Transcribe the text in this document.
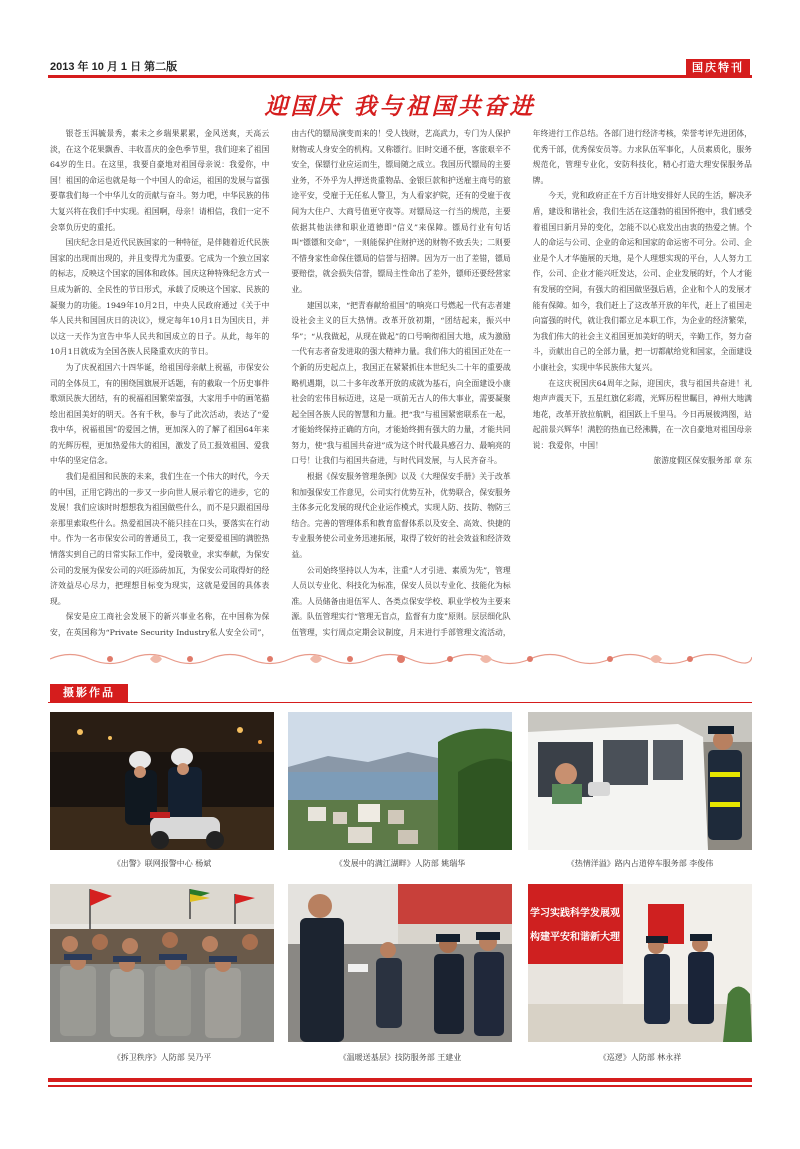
2013 年 10 月 1 日 第二版	国庆特刊
迎国庆 我与祖国共奋进

银苍玉洱毓景秀，素未之乡瑞果累累，金风送爽，天高云淡，在这个花果飘香、丰收喜庆的金色季节里，我们迎来了祖国64岁的生日。在这里，我要自豪地对祖国母亲说：我爱你，中国！祖国的命运也就是每一个中国人的命运，祖国的发展与富强要靠我们每一个中华儿女的贡献与奋斗。努力吧，中华民族的伟大复兴将在我们手中实现。祖国啊，母亲！请相信，我们一定不会辜负历史的重托。

国庆纪念日是近代民族国家的一种特征，是伴随着近代民族国家的出现而出现的，并且变得尤为重要。它成为一个独立国家的标志，反映这个国家的国体和政体。国庆这种特殊纪念方式一旦成为新的、全民性的节日形式，承载了反映这个国家、民族的凝聚力的功能。1949年10月2日，中央人民政府通过《关于中华人民共和国国庆日的决议》，规定每年10月1日为国庆日，并以这一天作为宣告中华人民共和国成立的日子。从此，每年的10月1日就成为全国各族人民隆重欢庆的节日。

为了庆祝祖国六十四华诞，给祖国母亲献上祝福，市保安公司的全体员工，有的围绕国旗展开话题，有的截取一个历史事件歌颂民族大团结，有的祝福祖国繁荣富强，大家用手中的画笔描绘出祖国美好的明天。各有千秋，参与了此次活动，表达了“爱我中华，祝福祖国”的爱国之情，更加深入的了解了祖国64年来的光辉历程，更加热爱伟大的祖国，激发了员工报效祖国、爱我中华的坚定信念。

我们是祖国和民族的未来，我们生在一个伟大的时代，今天的中国，正用它跨出的一步又一步向世人展示着它的进步，它的发展！我们应该时时想想我为祖国做些什么，而不是只跟祖国母亲那里索取些什么。热爱祖国决不能只挂在口头，要落实在行动中。作为一名市保安公司的普通员工，我一定要爱祖国的满腔热情落实到自己的日常实际工作中，爱岗敬业，求实奉献，为保安公司的发展为保安公司的兴旺添砖加瓦，为保安公司取得好的经济效益尽心尽力，把理想目标变为现实，这就是爱国的具体表现。

保安是应工商社会发展下的新兴事业名称，在中国称为保安，在英国称为“Private Security Industry私人安全公司”，由古代的镖局演变而来的！受人钱财，艺高武力，专门为人保护财物或人身安全的机构。又称镖行。旧时交通不便，客旅艰辛不安全，保镖行业应运而生，镖局随之成立。我国历代镖局的主要业务，不外乎为人押送贵重物品、金银巨款和护送雇主商号的旅途平安，受雇于无任私人警卫，为人看家护院，还有的受雇于夜间为大住户、大商号值更守夜等。对镖局这一行当的规范，主要依据其他法律和职业道德即“信义”来保障。镖局行业有句话叫“镖镖和交命”，一则能保护住财护送的财物不致丢失；二则要不惜身家性命保住镖局的信誉与招牌。因为万一出了差错，镖局要赔偿，就会损失信誉，镖局主性命出了差外，镖师还要经营家业。

建国以来，“把青春献给祖国”的响亮口号燃起一代有志者建设社会主义的巨大热情。改革开放初期，“团结起来，振兴中华”；“从我做起，从现在做起”的口号响彻祖国大地，成为激励一代有志者奋发进取的强大精神力量。我们伟大的祖国正处在一个新的历史起点上，我国正在紧紧抓住本世纪头二十年的重要战略机遇期，以二十多年改革开放的成就为基石，向全面建设小康社会的宏伟目标迈进，这是一项前无古人的伟大事业，需要凝聚起全国各族人民的智慧和力量。把“我”与祖国紧密联系在一起，才能始终保持正确的方向，才能始终拥有强大的力量，才能共同努力，使“我与祖国共奋进”成为这个时代最具感召力、最响亮的口号！让我们与祖国共奋进，与时代同发展，与人民齐奋斗。

根据《保安服务管理条例》以及《大理保安手册》关于改革和加强保安工作意见，公司实行优势互补，优势联合，保安服务主体多元化发展的现代企业运作模式，实现人防、技防、物防三结合。完善的管理体系和教育监督体系以及安全、高效、快捷的专业服务使公司业务迅速拓展，取得了较好的社会效益和经济效益。

公司始终坚持以人为本，注重“人才引进、素质为先”，管理人员以专业化、科技化为标准，保安人员以专业化、技能化为标准。人员储备由退伍军人、各类点保安学校、职业学校为主要来源。队伍管理实行“管理无盲点，监督有力度”原则。层层细化队伍管理，实行周点定期会议制度，月末进行手部管理文流活动，年终进行工作总结。各部门进行经济考核，荣誉考评先进团体，优秀干部，优秀保安员等。力求队伍军事化，人员素质化，服务规范化，管理专业化，安防科技化，精心打造大理安保服务品牌。

今天，党和政府正在千方百计地安排好人民的生活，解决矛盾，建设和谐社会，我们生活在这蓬勃的祖国怀抱中，我们感受着祖国日新月异的变化，怎能不以心底发出由衷的热爱之情。个人的命运与公司、企业的命运和国家的命运密不可分。公司、企业是个人才华施展的天地，是个人理想实现的平台，人人努力工作，公司、企业才能兴旺发达，公司、企业发展的好，个人才能有发展的空间，有强大的祖国做坚强后盾，企业和个人的发展才能有保障。如今，我们赶上了这改革开放的年代，赶上了祖国走向富强的时代，就让我们都立足本职工作，为企业的经济繁荣，为我们伟大的社会主义祖国更加美好的明天，辛勤工作，努力奋斗，贡献出自己的全部力量，把一切都献给党和国家，全面建设小康社会，实现中华民族伟大复兴。

在这庆祝国庆64周年之际，迎国庆，我与祖国共奋进！礼炮声声震天下，五星红旗亿彩霞，光辉历程世瞩目，神州大地满地花，改革开放拉航帆，祖国跃上千里马。今日再展彼鸿图，站起前景兴辉华！满腔的热血已经沸腾，在一次自豪地对祖国母亲说：我爱你，中国！

旅游度假区保安服务部 章 东

摄影作品
《出警》联网报警中心 杨斌	《发展中的满江湖畔》人防部 姚瑞华	《热情洋溢》路内占道停车服务部 李俊伟
《拆卫秩序》人防部 吴乃平	《温暖送基层》技防服务部 王建业
学习实践科学发展观
构建平安和谐新大理
《巡逻》人防部 林永祥
